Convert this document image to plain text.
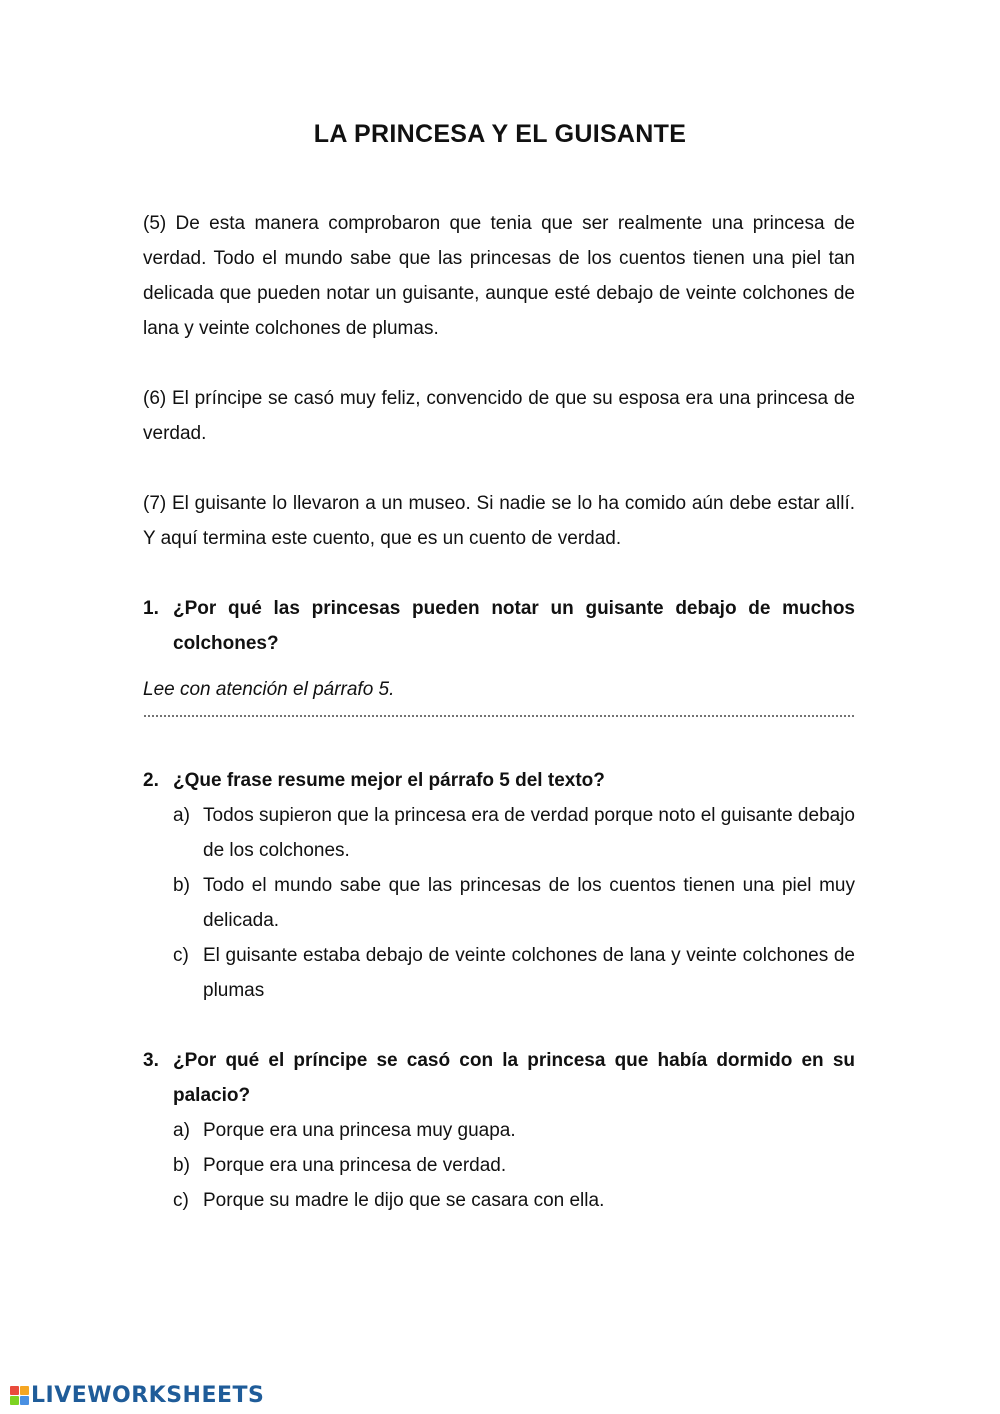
LA PRINCESA Y EL GUISANTE

(5) De esta manera comprobaron que tenia que ser realmente una princesa de verdad. Todo el mundo sabe que las princesas de los cuentos tienen una piel tan delicada que pueden notar un guisante, aunque esté debajo de veinte colchones de lana y veinte colchones de plumas.

(6) El príncipe se casó muy feliz, convencido de que su esposa era una princesa de verdad.

(7) El guisante lo llevaron a un museo. Si nadie se lo ha comido aún debe estar allí. Y aquí termina este cuento, que es un cuento de verdad.

1. ¿Por qué las princesas pueden notar un guisante debajo de muchos colchones?
Lee con atención el párrafo 5.
2. ¿Que frase resume mejor el párrafo 5 del texto?
a) Todos supieron que la princesa era de verdad porque noto el guisante debajo de los colchones.
b) Todo el mundo sabe que las princesas de los cuentos tienen una piel muy delicada.
c) El guisante estaba debajo de veinte colchones de lana y veinte colchones de plumas
3. ¿Por qué el príncipe se casó con la princesa que había dormido en su palacio?
a) Porque era una princesa muy guapa.
b) Porque era una princesa de verdad.
c) Porque su madre le dijo que se casara con ella.
LIVEWORKSHEETS
